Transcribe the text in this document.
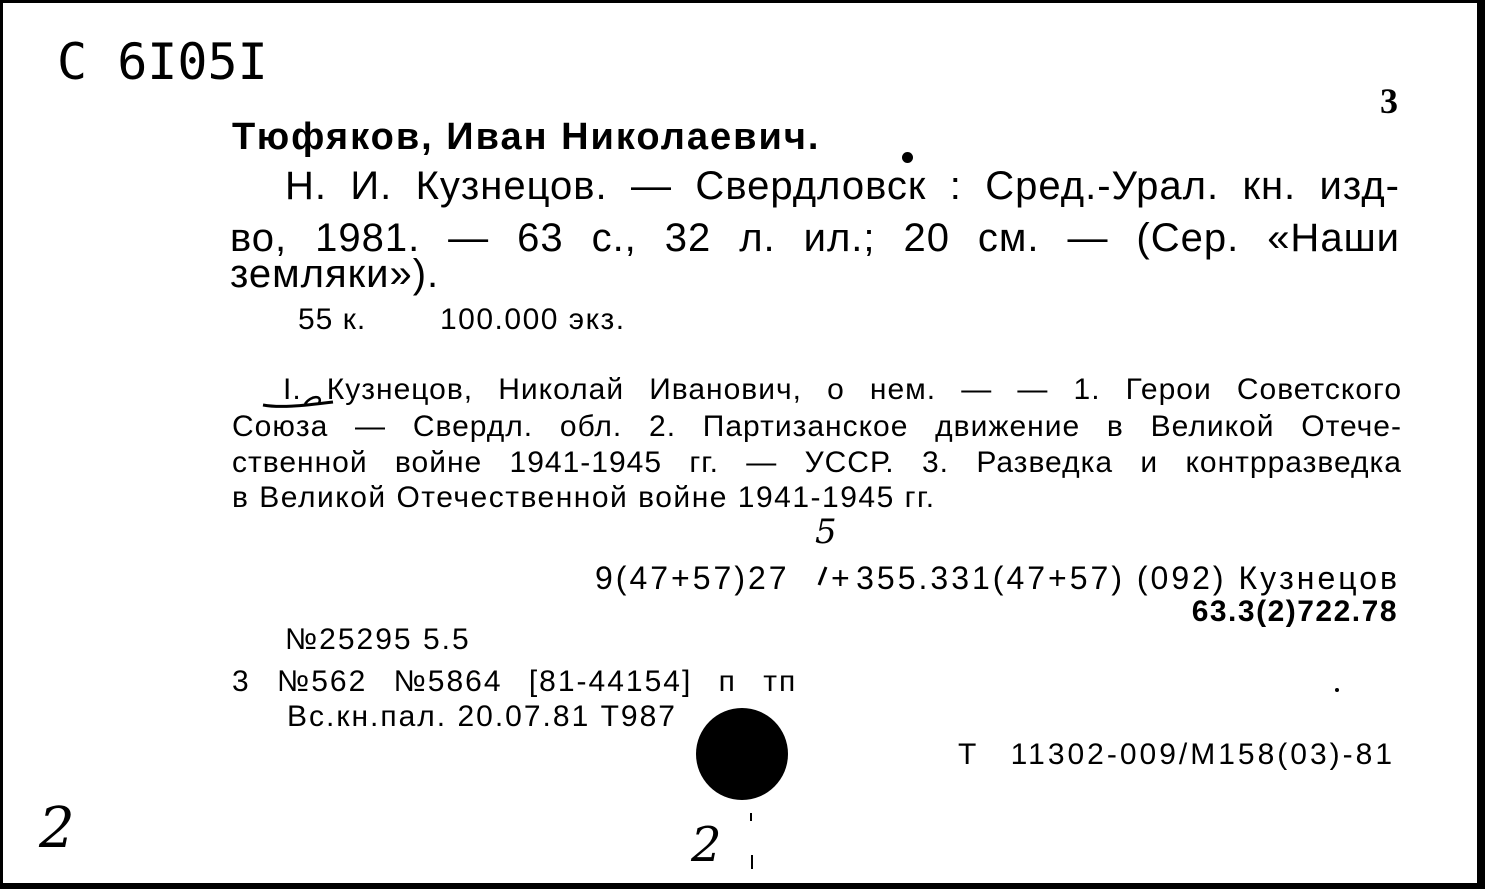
C 6I05I
3
Тюфяков, Иван Николаевич.
Н. И. Кузнецов. — Свердловск : Сред.-Урал. кн. изд-
во, 1981. — 63 с., 32 л. ил.; 20 см. — (Сер. «Наши
земляки»).
55 к. 100.000 экз.
I. Кузнецов, Николай Иванович, о нем. — — 1. Герои Советского
Союза — Свердл. обл. 2. Партизанское движение в Великой Отече-
ственной войне 1941-1945 гг. — УССР. 3. Разведка и контрразведка
в Великой Отечественной войне 1941-1945 гг.
5
9(47+57)27 + 355.331(47+57) (092) Кузнецов
63.3(2)722.78
№25295 5.5
3 №562 №5864 [81-44154] п тп
Вс.кн.пал. 20.07.81 Т987
Т 11302-009/М158(03)-81
2	2
